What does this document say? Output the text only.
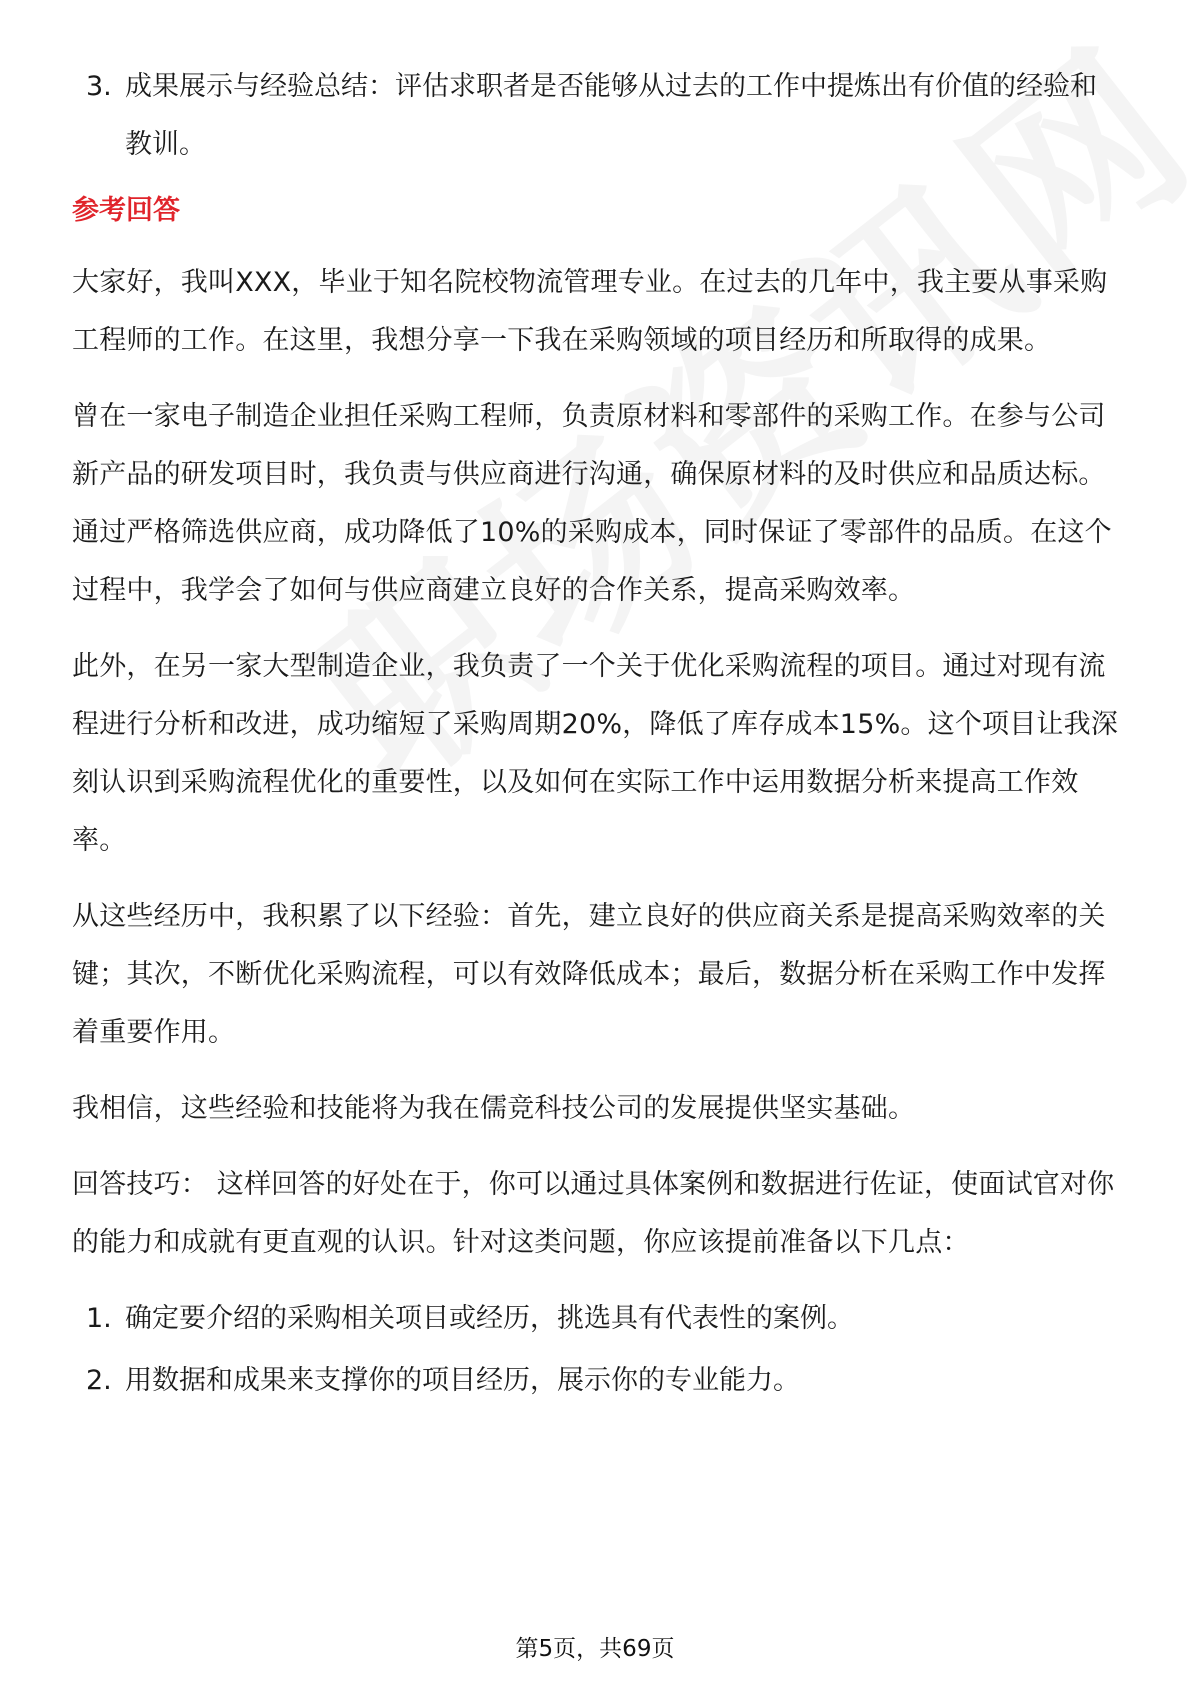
3. 成果展示与经验总结：评估求职者是否能够从过去的工作中提炼出有价值的经验和教训。
参考回答

大家好，我叫XXX，毕业于知名院校物流管理专业。在过去的几年中，我主要从事采购工程师的工作。在这里，我想分享一下我在采购领域的项目经历和所取得的成果。

曾在一家电子制造企业担任采购工程师，负责原材料和零部件的采购工作。在参与公司新产品的研发项目时，我负责与供应商进行沟通，确保原材料的及时供应和品质达标。通过严格筛选供应商，成功降低了10%的采购成本，同时保证了零部件的品质。在这个过程中，我学会了如何与供应商建立良好的合作关系，提高采购效率。

此外，在另一家大型制造企业，我负责了一个关于优化采购流程的项目。通过对现有流程进行分析和改进，成功缩短了采购周期20%，降低了库存成本15%。这个项目让我深刻认识到采购流程优化的重要性，以及如何在实际工作中运用数据分析来提高工作效率。

从这些经历中，我积累了以下经验：首先，建立良好的供应商关系是提高采购效率的关键；其次，不断优化采购流程，可以有效降低成本；最后，数据分析在采购工作中发挥着重要作用。

我相信，这些经验和技能将为我在儒竞科技公司的发展提供坚实基础。

回答技巧： 这样回答的好处在于，你可以通过具体案例和数据进行佐证，使面试官对你的能力和成就有更直观的认识。针对这类问题，你应该提前准备以下几点：

1. 确定要介绍的采购相关项目或经历，挑选具有代表性的案例。
2. 用数据和成果来支撑你的项目经历，展示你的专业能力。
第5页，共69页
